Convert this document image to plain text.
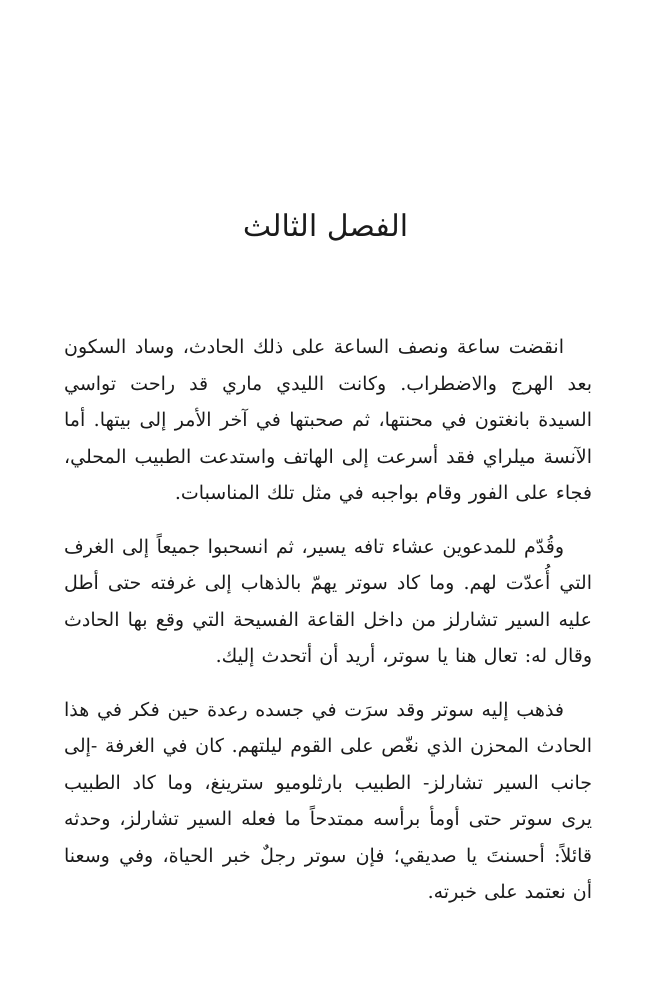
الفصل الثالث

انقضت ساعة ونصف الساعة على ذلك الحادث، وساد السكون بعد الهرج والاضطراب. وكانت الليدي ماري قد راحت تواسي السيدة بانغتون في محنتها، ثم صحبتها في آخر الأمر إلى بيتها. أما الآنسة ميلراي فقد أسرعت إلى الهاتف واستدعت الطبيب المحلي، فجاء على الفور وقام بواجبه في مثل تلك المناسبات.

وقُدّم للمدعوين عشاء تافه يسير، ثم انسحبوا جميعاً إلى الغرف التي أُعدّت لهم. وما كاد سوتر يهمّ بالذهاب إلى غرفته حتى أطل عليه السير تشارلز من داخل القاعة الفسيحة التي وقع بها الحادث وقال له: تعال هنا يا سوتر، أريد أن أتحدث إليك.

فذهب إليه سوتر وقد سرَت في جسده رعدة حين فكر في هذا الحادث المحزن الذي نغّص على القوم ليلتهم. كان في الغرفة -إلى جانب السير تشارلز- الطبيب بارثلوميو سترينغ، وما كاد الطبيب يرى سوتر حتى أومأ برأسه ممتدحاً ما فعله السير تشارلز، وحدثه قائلاً: أحسنتَ يا صديقي؛ فإن سوتر رجلٌ خبر الحياة، وفي وسعنا أن نعتمد على خبرته.
